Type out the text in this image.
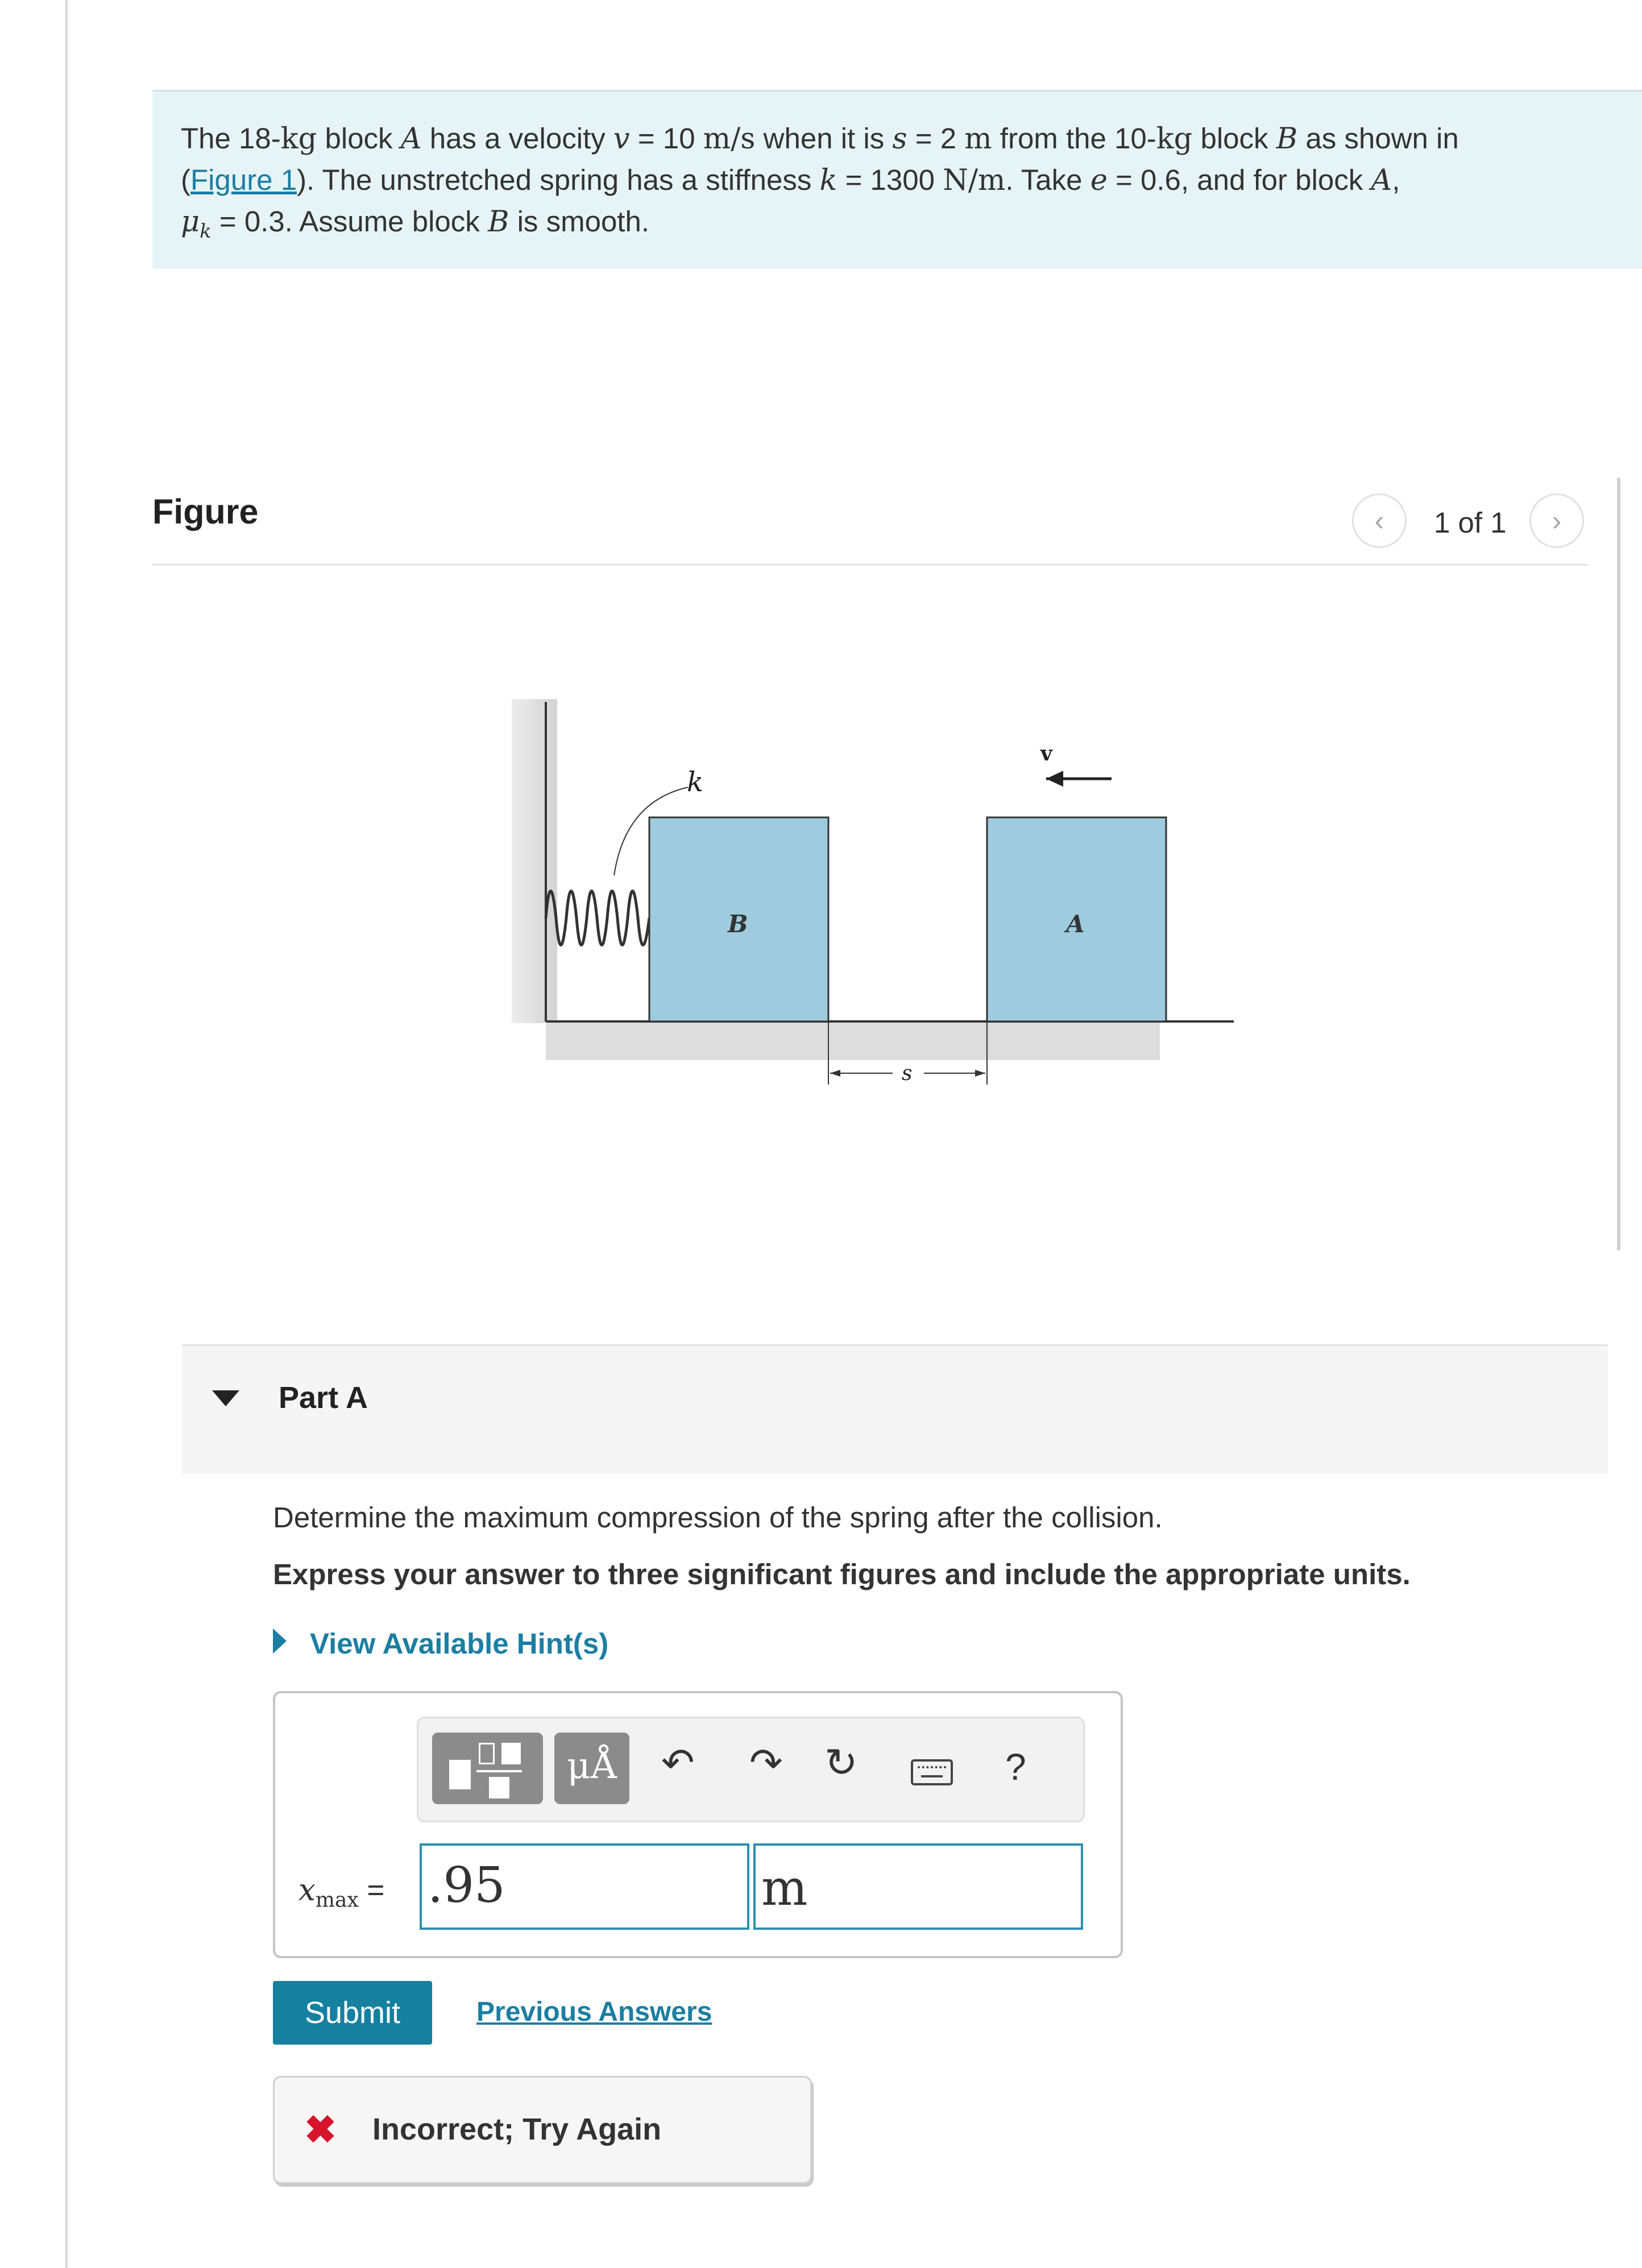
The 18-kg block A has a velocity v = 10 m/s when it is s = 2 m from the 10-kg block B as shown in
(Figure 1). The unstretched spring has a stiffness k = 1300 N/m. Take e = 0.6, and for block A,
$\mu_k = 0.3$. Assume block B is smooth.
Figure	‹ 1 of 1 ›
k
B	A
v
s
Part A
Determine the maximum compression of the spring after the collision.
Express your answer to three significant figures and include the appropriate units.
View Available Hint(s)
μÅ	↶ ↷ ↻	?
$x_{max} = .95$	m
Submit	Previous Answers
✖ Incorrect; Try Again
